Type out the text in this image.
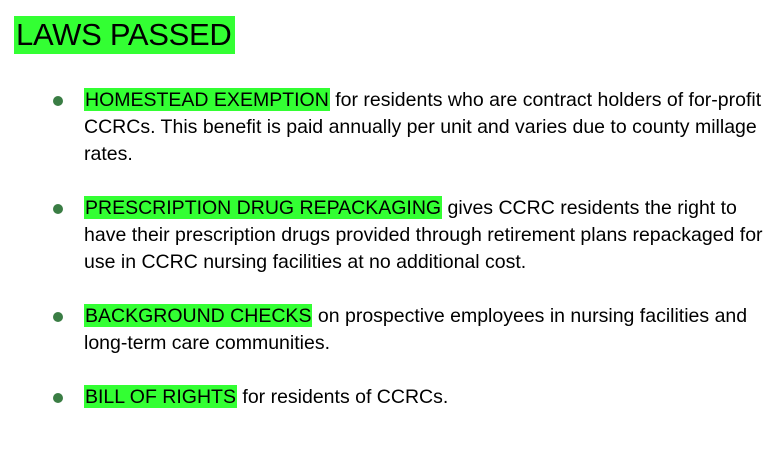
LAWS PASSED
HOMESTEAD EXEMPTION for residents who are contract holders of for-profit CCRCs. This benefit is paid annually per unit and varies due to county millage rates.
PRESCRIPTION DRUG REPACKAGING gives CCRC residents the right to have their prescription drugs provided through retirement plans repackaged for use in CCRC nursing facilities at no additional cost.
BACKGROUND CHECKS on prospective employees in nursing facilities and long-term care communities.
BILL OF RIGHTS for residents of CCRCs.
